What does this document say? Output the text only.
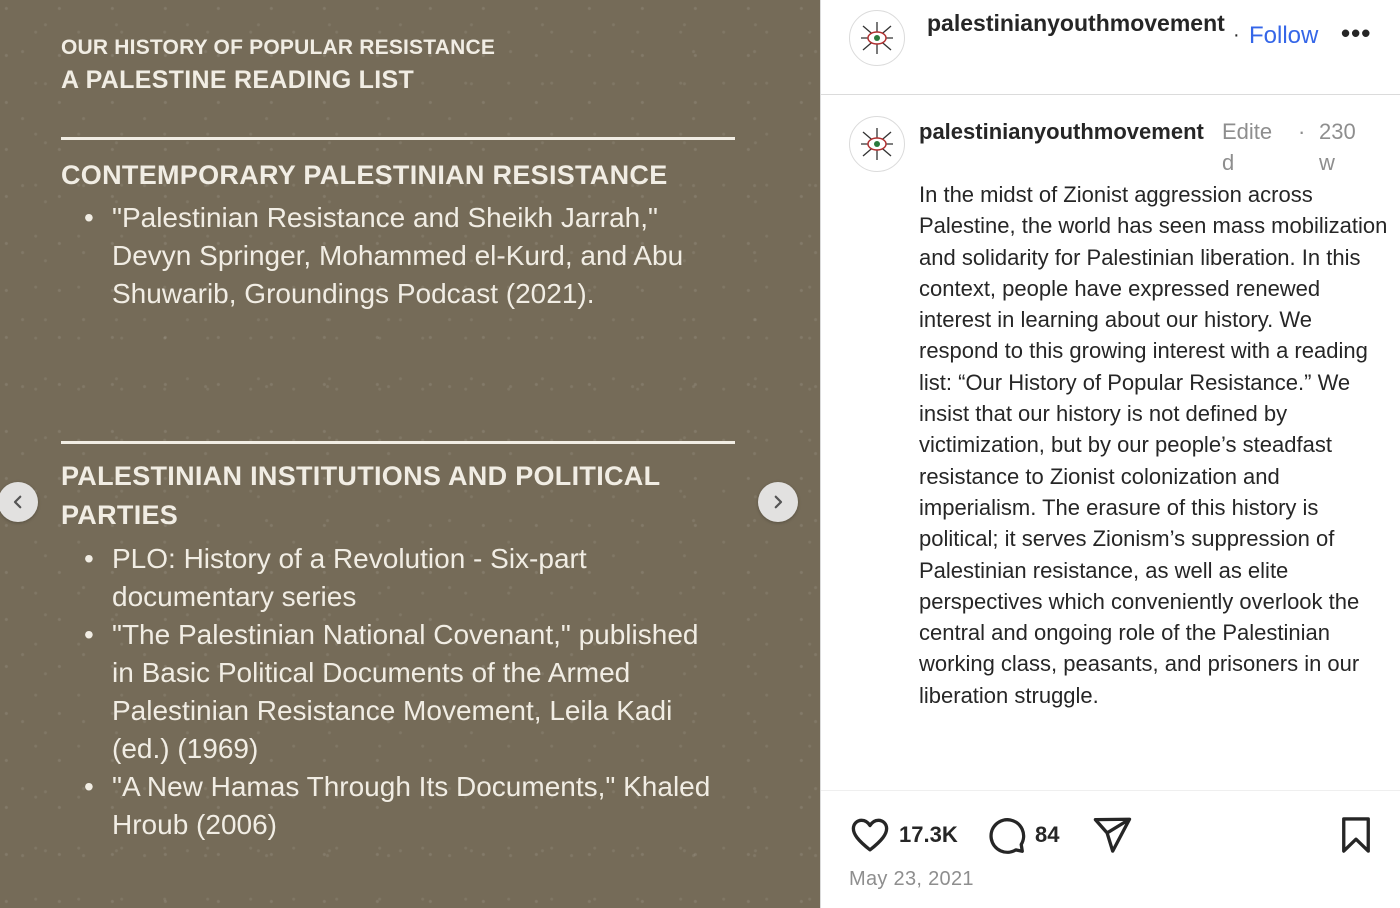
OUR HISTORY OF POPULAR RESISTANCE
A PALESTINE READING LIST
CONTEMPORARY PALESTINIAN RESISTANCE
• "Palestinian Resistance and Sheikh Jarrah," Devyn Springer, Mohammed el-Kurd, and Abu Shuwarib, Groundings Podcast (2021).
PALESTINIAN INSTITUTIONS AND POLITICAL PARTIES
• PLO: History of a Revolution - Six-part documentary series
• "The Palestinian National Covenant," published in Basic Political Documents of the Armed Palestinian Resistance Movement, Leila Kadi (ed.) (1969)
• "A New Hamas Through Its Documents," Khaled Hroub (2006)
palestinianyouthmovement · Follow •••
palestinianyouthmovement Edited
· 230w
In the midst of Zionist aggression across Palestine, the world has seen mass mobilization and solidarity for Palestinian liberation. In this context, people have expressed renewed interest in learning about our history. We respond to this growing interest with a reading list: “Our History of Popular Resistance.” We insist that our history is not defined by victimization, but by our people’s steadfast resistance to Zionist colonization and imperialism. The erasure of this history is political; it serves Zionism’s suppression of Palestinian resistance, as well as elite perspectives which conveniently overlook the central and ongoing role of the Palestinian working class, peasants, and prisoners in our liberation struggle.
17.3K	84
May 23, 2021
